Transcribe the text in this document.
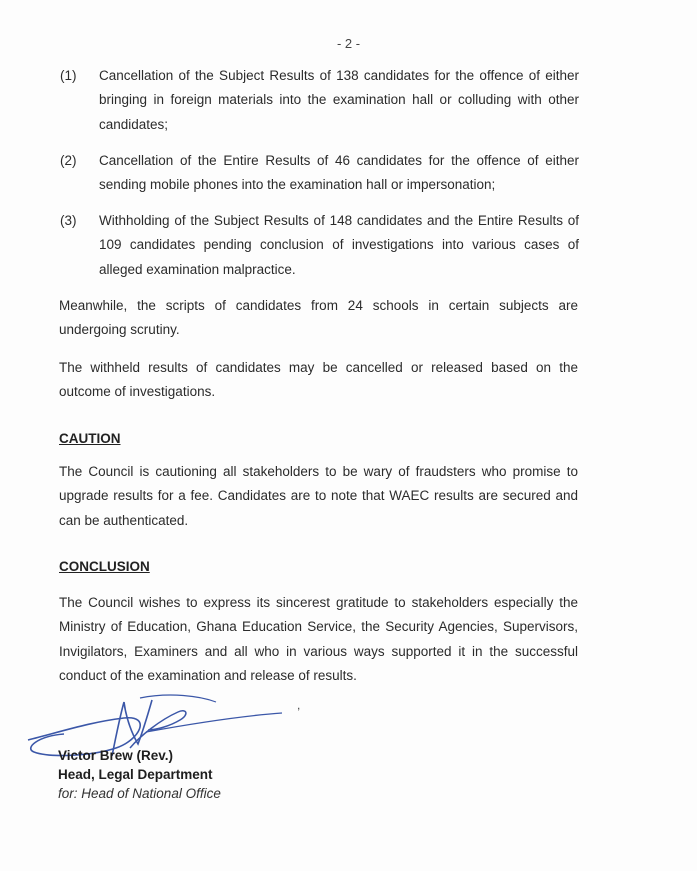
- 2 -
(1) Cancellation of the Subject Results of 138 candidates for the offence of either bringing in foreign materials into the examination hall or colluding with other candidates;
(2) Cancellation of the Entire Results of 46 candidates for the offence of either sending mobile phones into the examination hall or impersonation;
(3) Withholding of the Subject Results of 148 candidates and the Entire Results of 109 candidates pending conclusion of investigations into various cases of alleged examination malpractice.
Meanwhile, the scripts of candidates from 24 schools in certain subjects are undergoing scrutiny.
The withheld results of candidates may be cancelled or released based on the outcome of investigations.
CAUTION
The Council is cautioning all stakeholders to be wary of fraudsters who promise to upgrade results for a fee. Candidates are to note that WAEC results are secured and can be authenticated.
CONCLUSION
The Council wishes to express its sincerest gratitude to stakeholders especially the Ministry of Education, Ghana Education Service, the Security Agencies, Supervisors, Invigilators, Examiners and all who in various ways supported it in the successful conduct of the examination and release of results.
,
Victor Brew (Rev.)
Head, Legal Department
for: Head of National Office
